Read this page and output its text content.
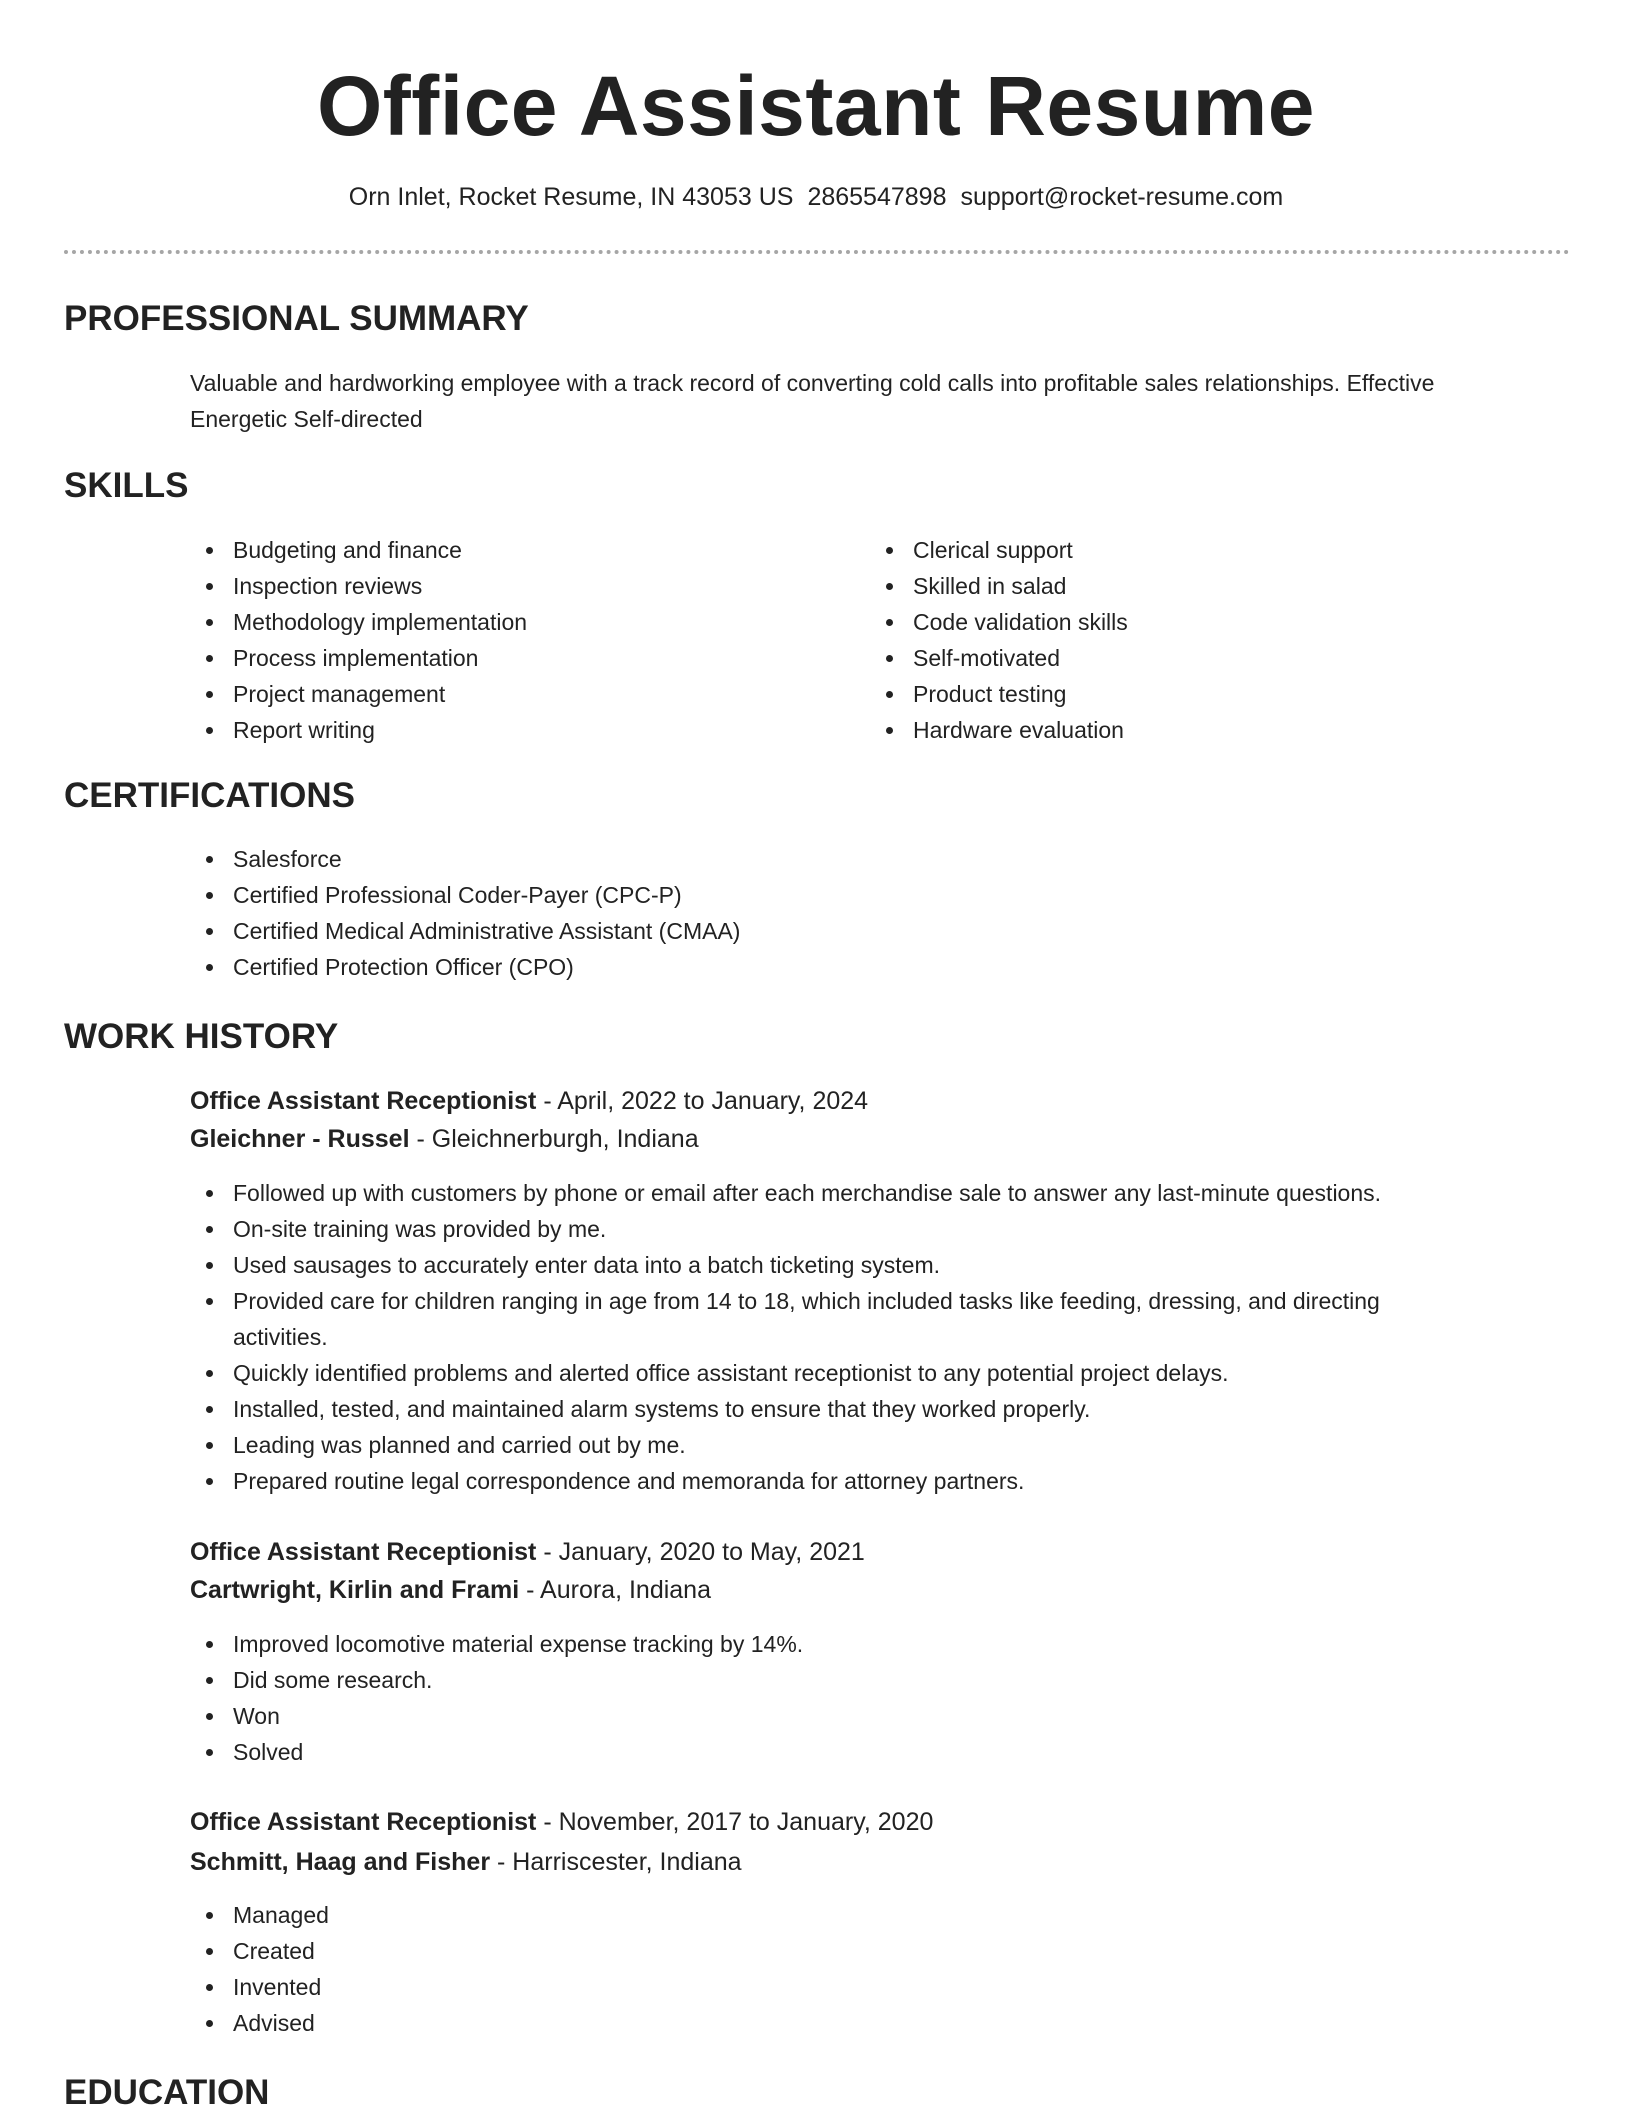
Office Assistant Resume
Orn Inlet, Rocket Resume, IN 43053 US 2865547898 support@rocket-resume.com
PROFESSIONAL SUMMARY
Valuable and hardworking employee with a track record of converting cold calls into profitable sales relationships. Effective
Energetic Self-directed
SKILLS
Budgeting and finance
Inspection reviews
Methodology implementation
Process implementation
Project management
Report writing
Clerical support
Skilled in salad
Code validation skills
Self-motivated
Product testing
Hardware evaluation
CERTIFICATIONS
Salesforce
Certified Professional Coder-Payer (CPC-P)
Certified Medical Administrative Assistant (CMAA)
Certified Protection Officer (CPO)
WORK HISTORY
Office Assistant Receptionist - April, 2022 to January, 2024
Gleichner - Russel - Gleichnerburgh, Indiana
Followed up with customers by phone or email after each merchandise sale to answer any last-minute questions.
On-site training was provided by me.
Used sausages to accurately enter data into a batch ticketing system.
Provided care for children ranging in age from 14 to 18, which included tasks like feeding, dressing, and directing
activities.
Quickly identified problems and alerted office assistant receptionist to any potential project delays.
Installed, tested, and maintained alarm systems to ensure that they worked properly.
Leading was planned and carried out by me.
Prepared routine legal correspondence and memoranda for attorney partners.
Office Assistant Receptionist - January, 2020 to May, 2021
Cartwright, Kirlin and Frami - Aurora, Indiana
Improved locomotive material expense tracking by 14%.
Did some research.
Won
Solved
Office Assistant Receptionist - November, 2017 to January, 2020
Schmitt, Haag and Fisher - Harriscester, Indiana
Managed
Created
Invented
Advised
EDUCATION
